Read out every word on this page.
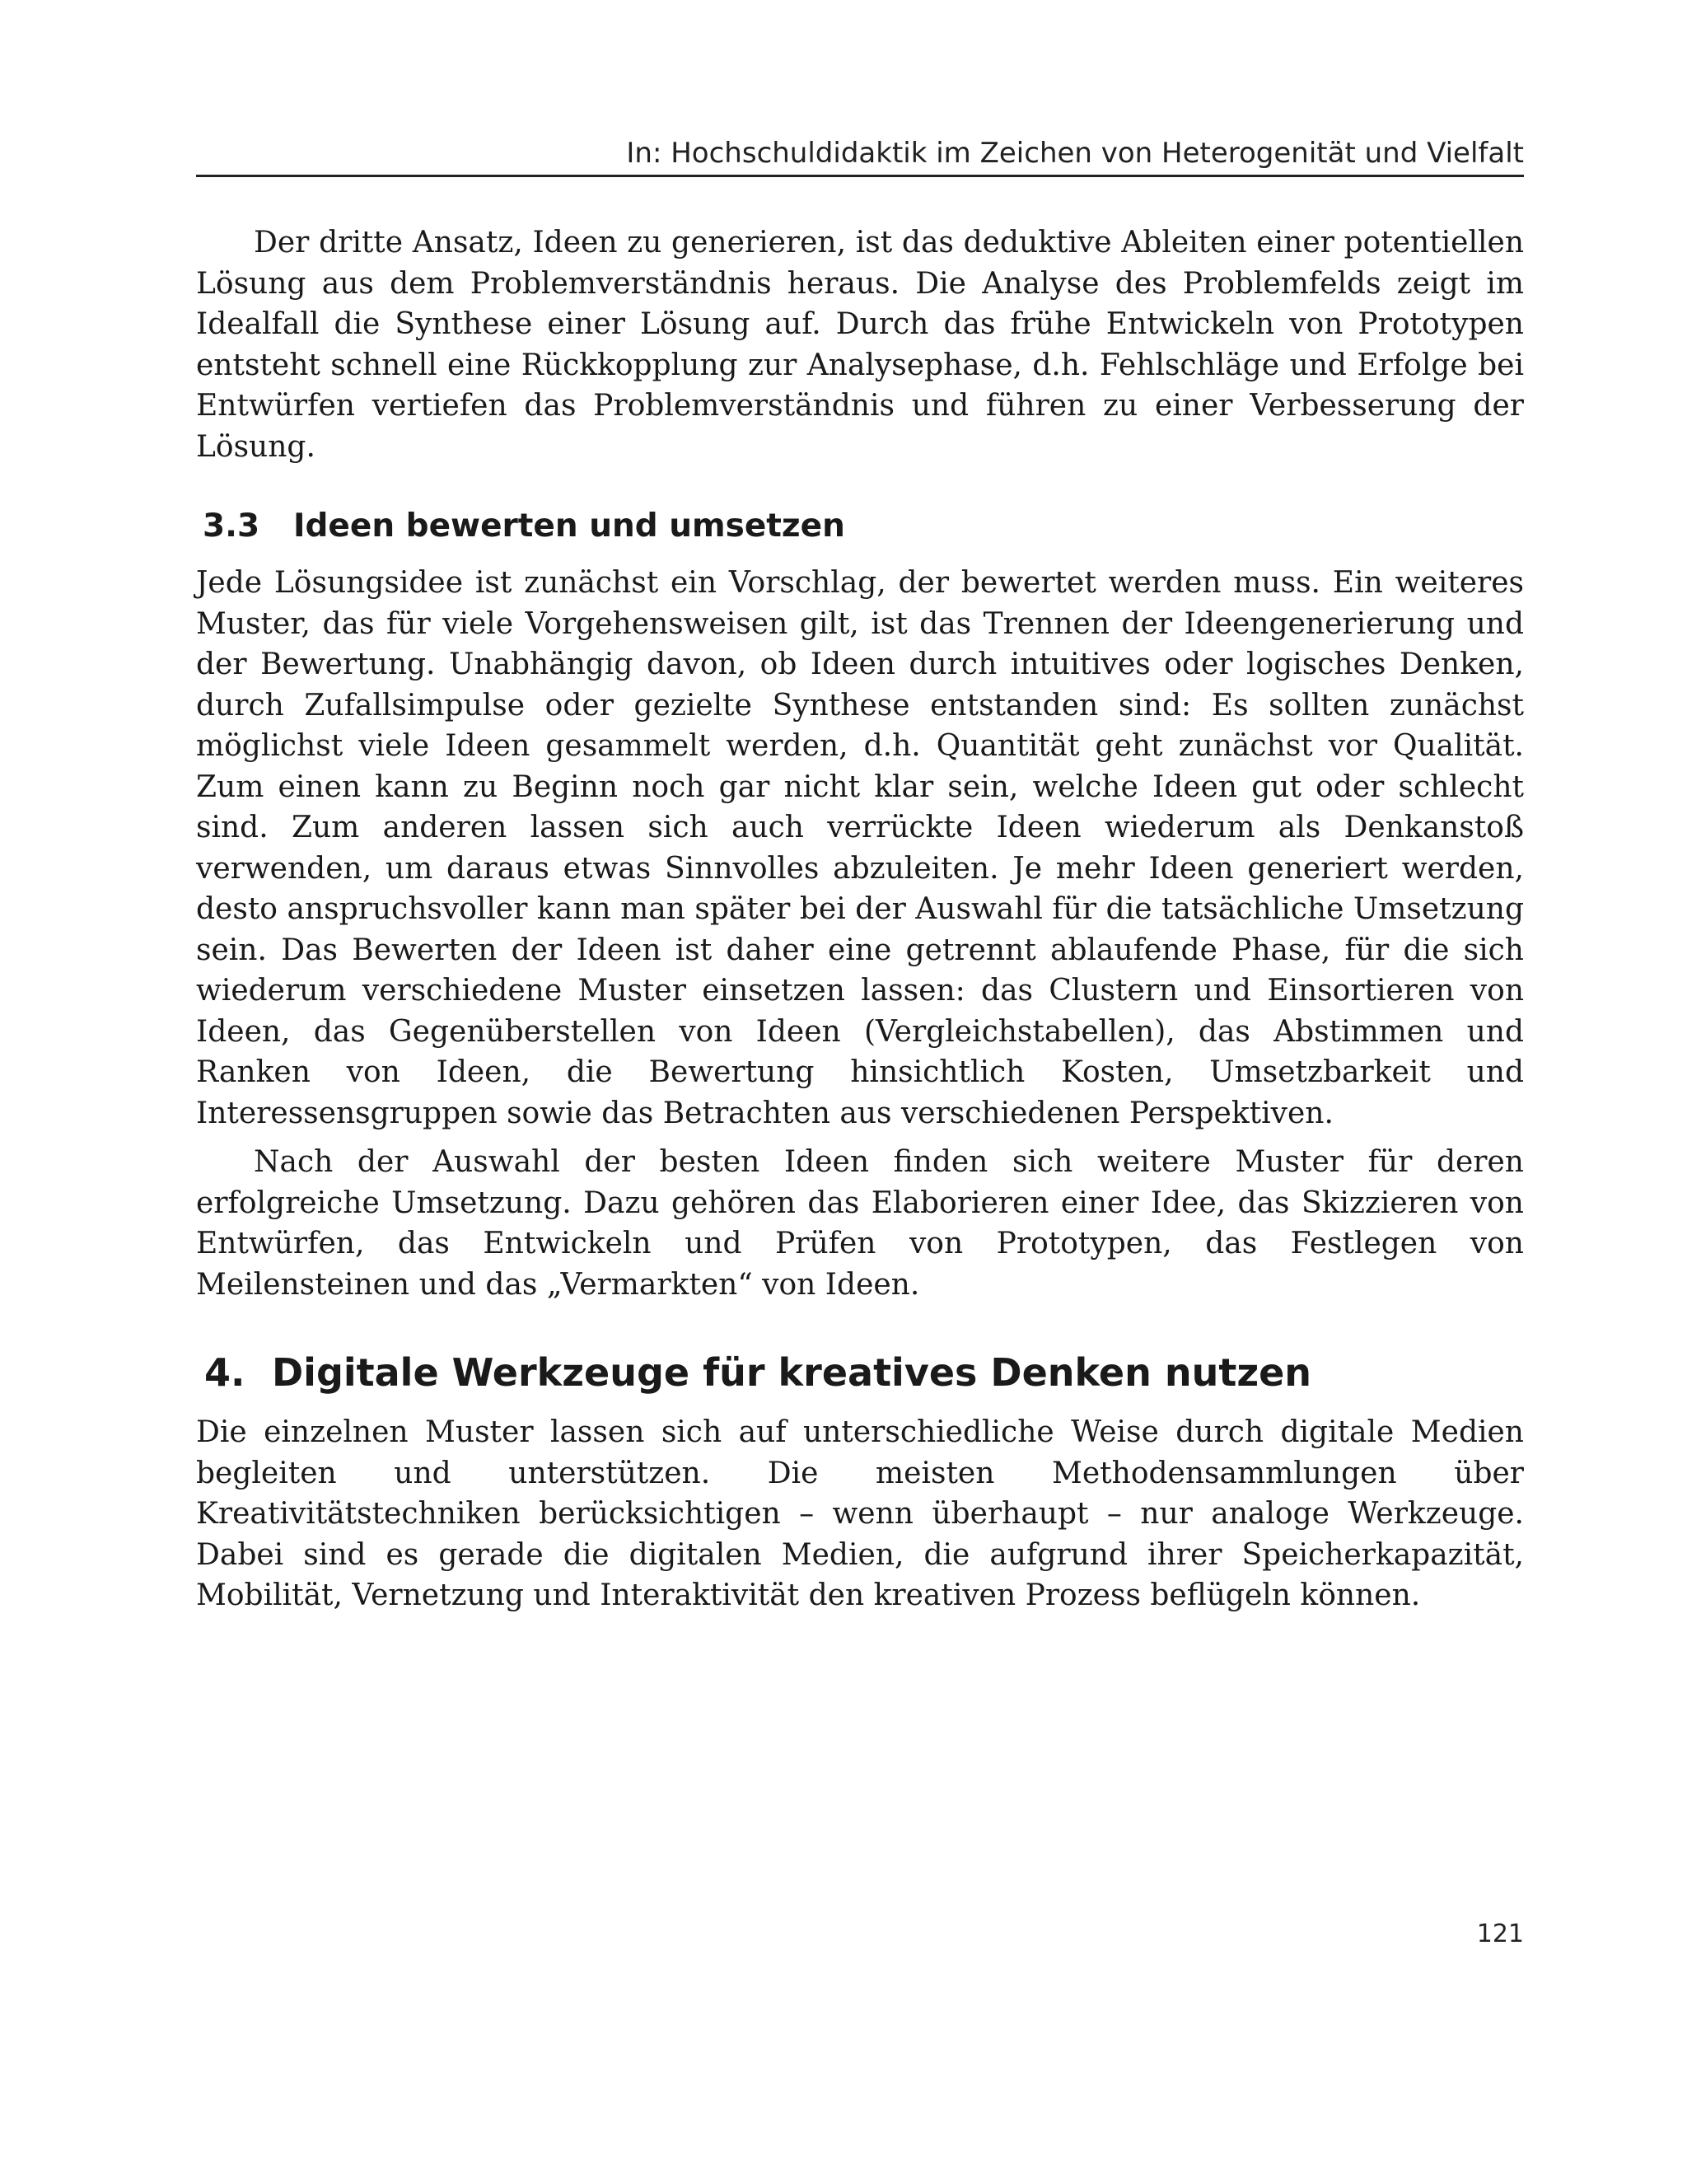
In: Hochschuldidaktik im Zeichen von Heterogenität und Vielfalt

Der dritte Ansatz, Ideen zu generieren, ist das deduktive Ableiten einer potentiellen Lösung aus dem Problemverständnis heraus. Die Analyse des Problemfelds zeigt im Idealfall die Synthese einer Lösung auf. Durch das frühe Entwickeln von Prototypen entsteht schnell eine Rückkopplung zur Analysephase, d.h. Fehlschläge und Erfolge bei Entwürfen vertiefen das Problemverständnis und führen zu einer Verbesserung der Lösung.

3.3	Ideen bewerten und umsetzen

Jede Lösungsidee ist zunächst ein Vorschlag, der bewertet werden muss. Ein weiteres Muster, das für viele Vorgehensweisen gilt, ist das Trennen der Ideengenerierung und der Bewertung. Unabhängig davon, ob Ideen durch intuitives oder logisches Denken, durch Zufallsimpulse oder gezielte Synthese entstanden sind: Es sollten zunächst möglichst viele Ideen gesammelt werden, d.h. Quantität geht zunächst vor Qualität. Zum einen kann zu Beginn noch gar nicht klar sein, welche Ideen gut oder schlecht sind. Zum anderen lassen sich auch verrückte Ideen wiederum als Denkanstoß verwenden, um daraus etwas Sinnvolles abzuleiten. Je mehr Ideen generiert werden, desto anspruchsvoller kann man später bei der Auswahl für die tatsächliche Umsetzung sein. Das Bewerten der Ideen ist daher eine getrennt ablaufende Phase, für die sich wiederum verschiedene Muster einsetzen lassen: das Clustern und Einsortieren von Ideen, das Gegenüberstellen von Ideen (Vergleichstabellen), das Abstimmen und Ranken von Ideen, die Bewertung hinsichtlich Kosten, Umsetzbarkeit und Interessensgruppen sowie das Betrachten aus verschiedenen Perspektiven.

Nach der Auswahl der besten Ideen finden sich weitere Muster für deren erfolgreiche Umsetzung. Dazu gehören das Elaborieren einer Idee, das Skizzieren von Entwürfen, das Entwickeln und Prüfen von Prototypen, das Festlegen von Meilensteinen und das „Vermarkten“ von Ideen.

4. Digitale Werkzeuge für kreatives Denken nutzen

Die einzelnen Muster lassen sich auf unterschiedliche Weise durch digitale Medien begleiten und unterstützen. Die meisten Methodensammlungen über Kreativitätstechniken berücksichtigen – wenn überhaupt – nur analoge Werkzeuge. Dabei sind es gerade die digitalen Medien, die aufgrund ihrer Speicherkapazität, Mobilität, Vernetzung und Interaktivität den kreativen Prozess beflügeln können.

121
